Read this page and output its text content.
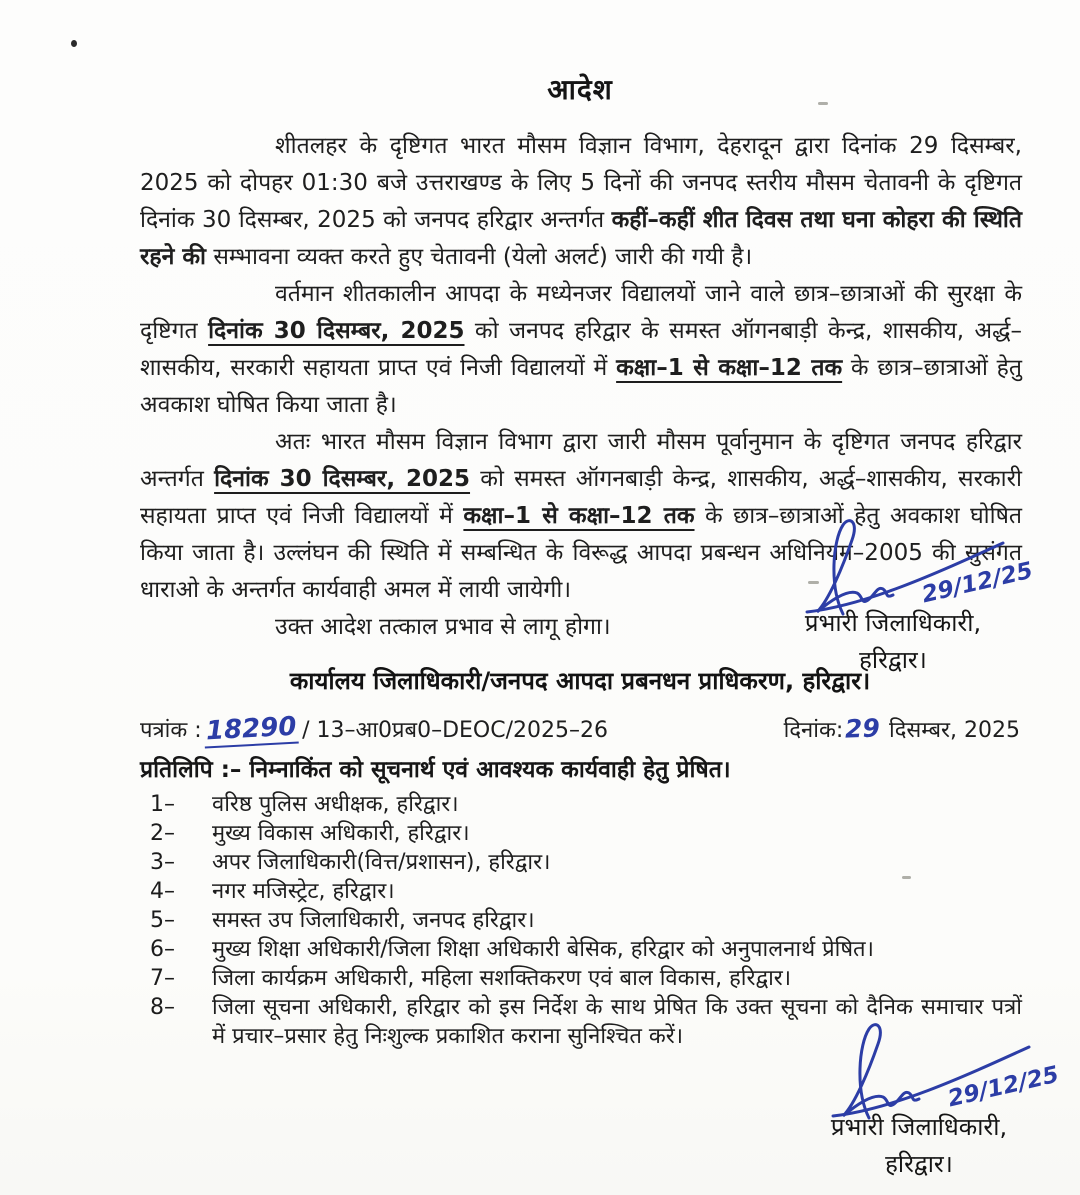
आदेश

शीतलहर के दृष्टिगत भारत मौसम विज्ञान विभाग, देहरादून द्वारा दिनांक 29 दिसम्बर, 2025 को दोपहर 01:30 बजे उत्तराखण्ड के लिए 5 दिनों की जनपद स्तरीय मौसम चेतावनी के दृष्टिगत दिनांक 30 दिसम्बर, 2025 को जनपद हरिद्वार अन्तर्गत कहीं–कहीं शीत दिवस तथा घना कोहरा की स्थिति रहने की सम्भावना व्यक्त करते हुए चेतावनी (येलो अलर्ट) जारी की गयी है।

वर्तमान शीतकालीन आपदा के मध्येनजर विद्यालयों जाने वाले छात्र–छात्राओं की सुरक्षा के दृष्टिगत दिनांक 30 दिसम्बर, 2025 को जनपद हरिद्वार के समस्त ऑगनबाड़ी केन्द्र, शासकीय, अर्द्ध–शासकीय, सरकारी सहायता प्राप्त एवं निजी विद्यालयों में कक्षा–1 से कक्षा–12 तक के छात्र–छात्राओं हेतु अवकाश घोषित किया जाता है।

अतः भारत मौसम विज्ञान विभाग द्वारा जारी मौसम पूर्वानुमान के दृष्टिगत जनपद हरिद्वार अन्तर्गत दिनांक 30 दिसम्बर, 2025 को समस्त ऑगनबाड़ी केन्द्र, शासकीय, अर्द्ध–शासकीय, सरकारी सहायता प्राप्त एवं निजी विद्यालयों में कक्षा–1 से कक्षा–12 तक के छात्र–छात्राओं हेतु अवकाश घोषित किया जाता है। उल्लंघन की स्थिति में सम्बन्धित के विरूद्ध आपदा प्रबन्धन अधिनियम–2005 की सुसंगत धाराओ के अन्तर्गत कार्यवाही अमल में लायी जायेगी।

उक्त आदेश तत्काल प्रभाव से लागू होगा।

29/12/25
प्रभारी जिलाधिकारी,
हरिद्वार।
कार्यालय जिलाधिकारी/जनपद आपदा प्रबनधन प्राधिकरण, हरिद्वार।
पत्रांक : 18290 / 13–आ0प्रब0–DEOC/2025–26	दिनांक:29 दिसम्बर, 2025
प्रतिलिपि :– निम्नाकिंत को सूचनार्थ एवं आवश्यक कार्यवाही हेतु प्रेषित।
1–	वरिष्ठ पुलिस अधीक्षक, हरिद्वार।
2–	मुख्य विकास अधिकारी, हरिद्वार।
3–	अपर जिलाधिकारी(वित्त/प्रशासन), हरिद्वार।
4–	नगर मजिस्ट्रेट, हरिद्वार।
5–	समस्त उप जिलाधिकारी, जनपद हरिद्वार।
6–	मुख्य शिक्षा अधिकारी/जिला शिक्षा अधिकारी बेसिक, हरिद्वार को अनुपालनार्थ प्रेषित।
7–	जिला कार्यक्रम अधिकारी, महिला सशक्तिकरण एवं बाल विकास, हरिद्वार।
8–	जिला सूचना अधिकारी, हरिद्वार को इस निर्देश के साथ प्रेषित कि उक्त सूचना को दैनिक समाचार पत्रों में प्रचार–प्रसार हेतु निःशुल्क प्रकाशित कराना सुनिश्चित करें।
29/12/25
प्रभारी जिलाधिकारी,
हरिद्वार।
